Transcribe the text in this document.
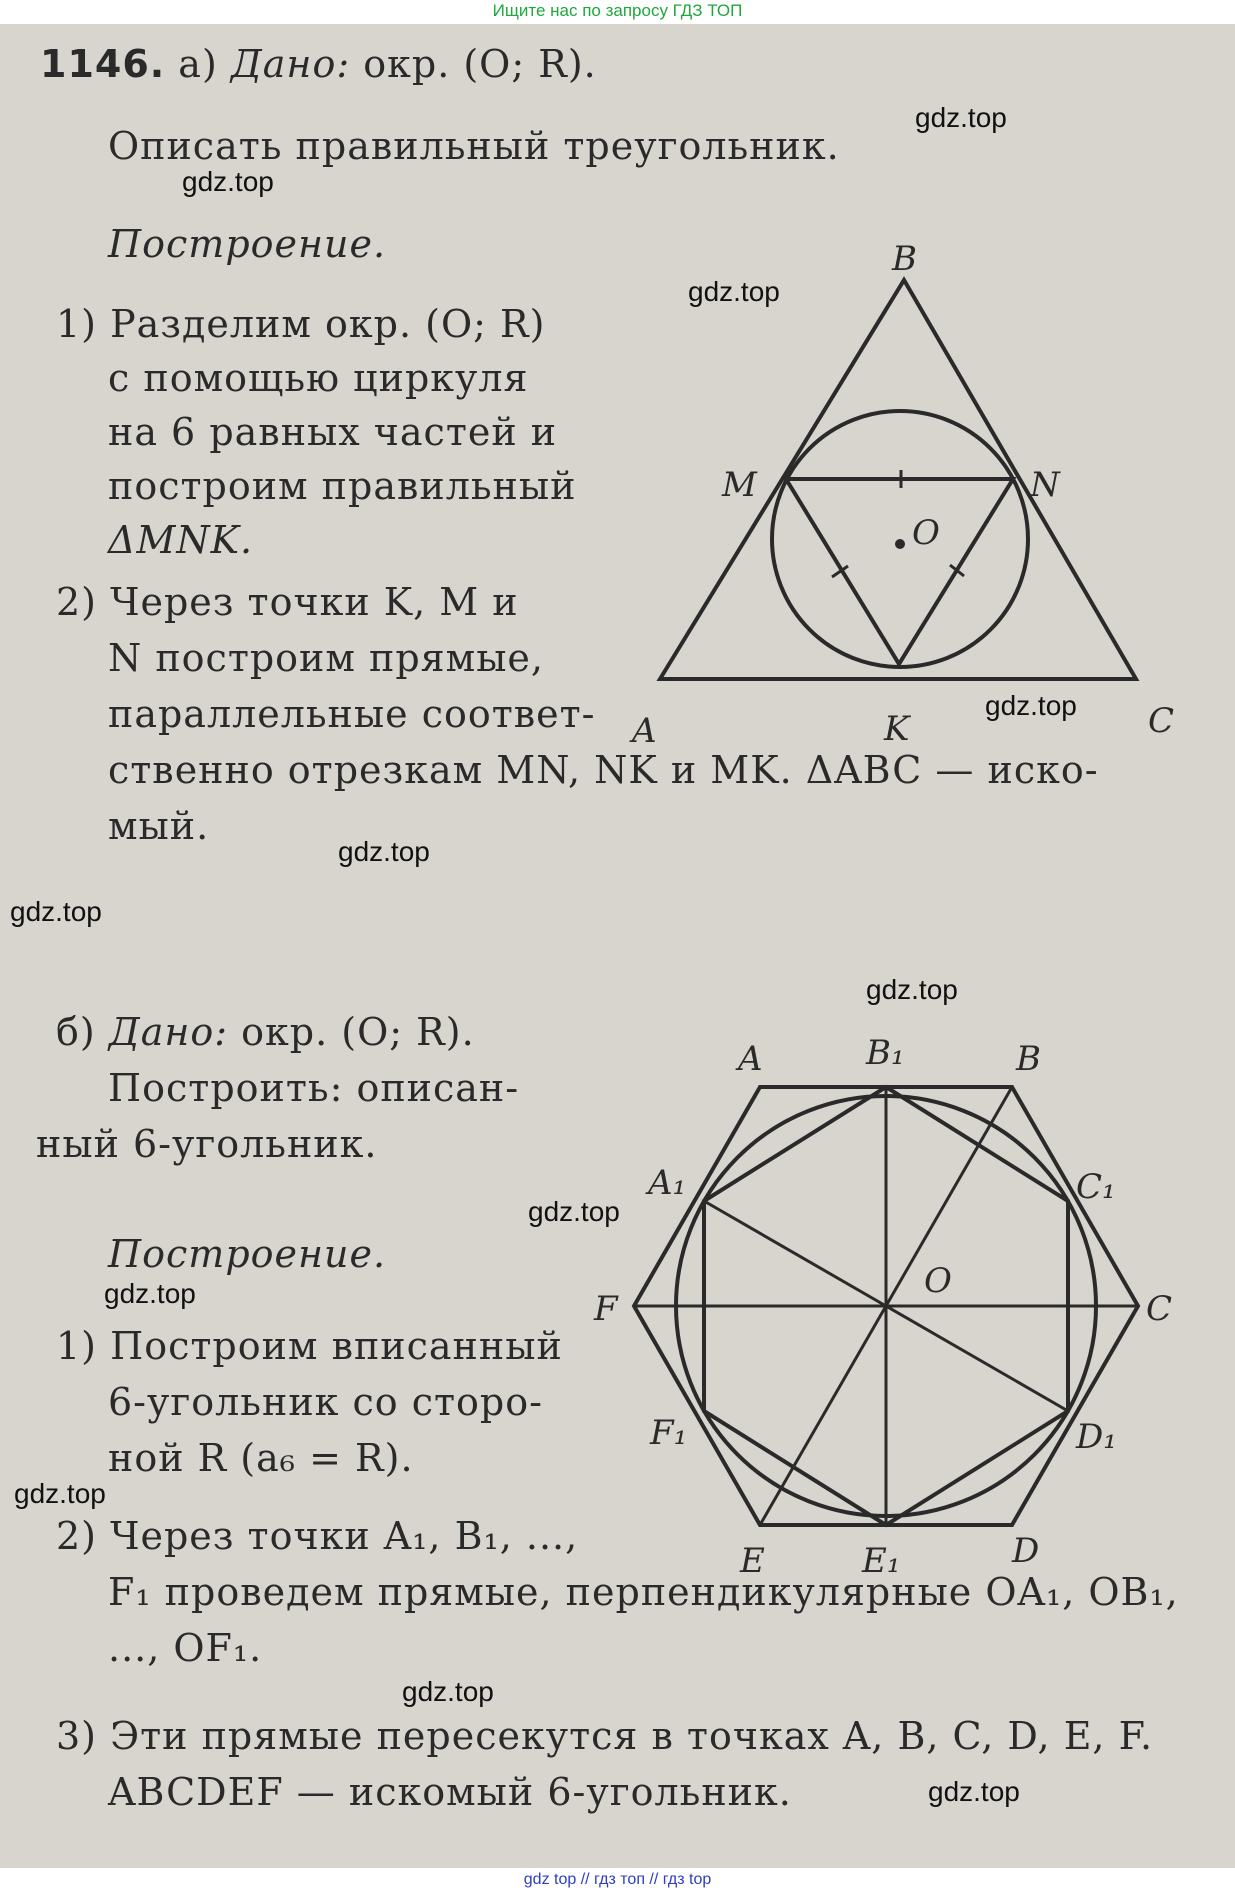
Ищите нас по запросу ГДЗ ТОП
1146. а) Дано: окр. (O; R).
Описать правильный треугольник.
Построение.
1) Разделим окр. (O; R)
с помощью циркуля
на 6 равных частей и
построим правильный
ΔMNK.
2) Через точки K, M и
N построим прямые,
параллельные соответ-
ственно отрезкам MN, NK и MK. ΔABC — иско-
мый.
B
M	N
O
A	K	C
б) Дано: окр. (O; R).
Построить: описан-
ный 6-угольник.
Построение.
1) Построим вписанный
6-угольник со сторо-
ной R (a₆ = R).
2) Через точки A₁, B₁, ...,
F₁ проведем прямые, перпендикулярные OA₁, OB₁,
..., OF₁.
3) Эти прямые пересекутся в точках A, B, C, D, E, F.
ABCDEF — искомый 6-угольник.
A	B₁	B
A₁	C₁
O
F	C
F₁	D₁
E	E₁	D
gdz.top
gdz.top
gdz.top
gdz.top
gdz.top
gdz.top
gdz.top
gdz.top
gdz.top
gdz.top
gdz.top
gdz.top
gdz top // гдз топ // гдз top
